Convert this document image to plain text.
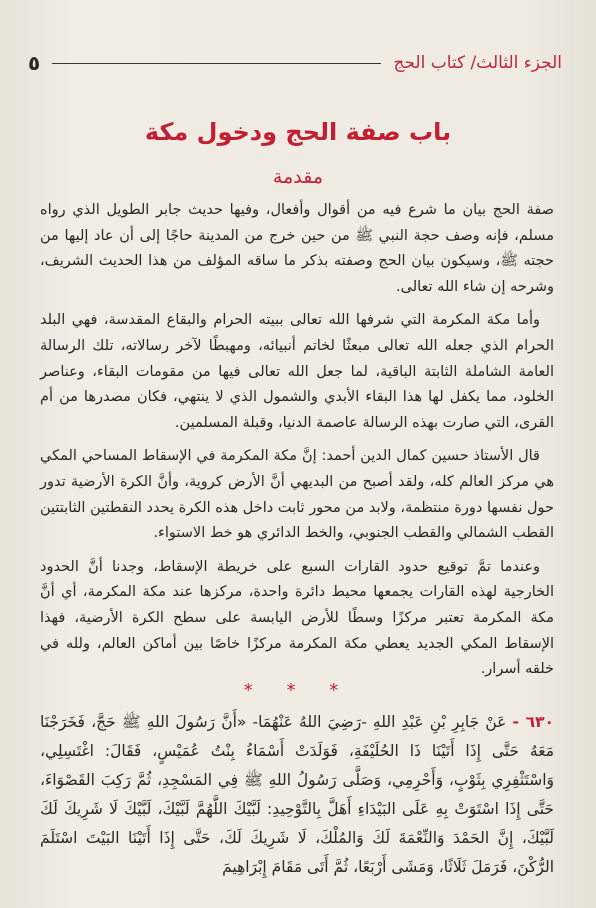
الجزء الثالث/ كتاب الحج
٥
باب صفة الحج ودخول مكة
مقدمة

صفة الحج بيان ما شرع فيه من أقوال وأفعال، وفيها حديث جابر الطويل الذي رواه مسلم، فإنه وصف حجة النبي ﷺ من حين خرج من المدينة حاجًا إلى أن عاد إليها من حجته ﷺ، وسيكون بيان الحج وصفته بذكر ما ساقه المؤلف من هذا الحديث الشريف، وشرحه إن شاء الله تعالى.

وأما مكة المكرمة التي شرفها الله تعالى ببيته الحرام والبقاع المقدسة، فهي البلد الحرام الذي جعله الله تعالى مبعثًا لخاتم أنبيائه، ومهبطًا لآخر رسالاته، تلك الرسالة العامة الشاملة الثابتة الباقية، لما جعل الله تعالى فيها من مقومات البقاء، وعناصر الخلود، مما يكفل لها هذا البقاء الأبدي والشمول الذي لا ينتهي، فكان مصدرها من أم القرى، التي صارت بهذه الرسالة عاصمة الدنيا، وقبلة المسلمين.

قال الأستاذ حسين كمال الدين أحمد: إنَّ مكة المكرمة في الإسقاط المساحي المكي هي مركز العالم كله، ولقد أصبح من البديهي أنَّ الأرض كروية، وأنَّ الكرة الأرضية تدور حول نفسها دورة منتظمة، ولابد من محور ثابت داخل هذه الكرة يحدد النقطتين الثابتتين القطب الشمالي والقطب الجنوبي، والخط الدائري هو خط الاستواء.

وعندما تمَّ توقيع حدود القارات السبع على خريطة الإسقاط، وجدنا أنَّ الحدود الخارجية لهذه القارات يجمعها محيط دائرة واحدة، مركزها عند مكة المكرمة، أي أنَّ مكة المكرمة تعتبر مركزًا وسطًا للأرض اليابسة على سطح الكرة الأرضية، فهذا الإسقاط المكي الجديد يعطي مكة المكرمة مركزًا خاصًا بين أماكن العالم، ولله في خلقه أسرار.

* * *
٦٣٠ - عَنْ جَابِرِ بْنِ عَبْدِ اللهِ -رَضِيَ اللهُ عَنْهُمَا- «أَنَّ رَسُولَ اللهِ ﷺ حَجَّ، فَخَرَجْنَا مَعَهُ حَتَّى إِذَا أَتَيْنَا ذَا الحُلَيْفَةِ، فَوَلَدَتْ أَسْمَاءُ بِنْتُ عُمَيْسٍ، فَقَالَ: اغْتَسِلِي، وَاسْتَثْفِرِي بِثَوْبٍ، وَأَحْرِمِي، وَصَلَّى رَسُولُ اللهِ ﷺ فِي المَسْجِدِ، ثُمَّ رَكِبَ القَصْوَاءَ، حَتَّى إِذَا اسْتَوَتْ بِهِ عَلَى البَيْدَاءِ أَهَلَّ بِالتَّوْحِيدِ: لَبَّيْكَ اللَّهُمَّ لَبَّيْكَ، لَبَّيْكَ لَا شَرِيكَ لَكَ لَبَّيْكَ، إِنَّ الحَمْدَ وَالنِّعْمَةَ لَكَ وَالمُلْكَ، لَا شَرِيكَ لَكَ، حَتَّى إِذَا أَتَيْنَا البَيْتَ اسْتَلَمَ الرُّكْنَ، فَرَمَلَ ثَلَاثًا، وَمَشَى أَرْبَعًا، ثُمَّ أَتَى مَقَامَ إِبْرَاهِيمَ
